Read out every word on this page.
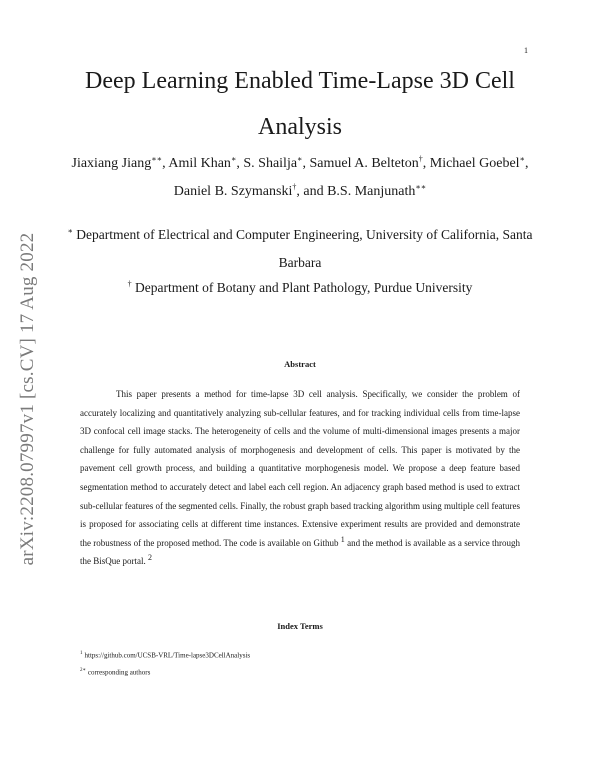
1
arXiv:2208.07997v1 [cs.CV] 17 Aug 2022
Deep Learning Enabled Time-Lapse 3D Cell Analysis

Jiaxiang Jiang∗∗, Amil Khan∗, S. Shailja∗, Samuel A. Belteton†, Michael Goebel∗, Daniel B. Szymanski†, and B.S. Manjunath∗∗

∗ Department of Electrical and Computer Engineering, University of California, Santa Barbara

† Department of Botany and Plant Pathology, Purdue University

Abstract

This paper presents a method for time-lapse 3D cell analysis. Specifically, we consider the problem of accurately localizing and quantitatively analyzing sub-cellular features, and for tracking individual cells from time-lapse 3D confocal cell image stacks. The heterogeneity of cells and the volume of multi-dimensional images presents a major challenge for fully automated analysis of morphogenesis and development of cells. This paper is motivated by the pavement cell growth process, and building a quantitative morphogenesis model. We propose a deep feature based segmentation method to accurately detect and label each cell region. An adjacency graph based method is used to extract sub-cellular features of the segmented cells. Finally, the robust graph based tracking algorithm using multiple cell features is proposed for associating cells at different time instances. Extensive experiment results are provided and demonstrate the robustness of the proposed method. The code is available on Github $^1$ and the method is available as a service through the BisQue portal. $^2$

Index Terms

$^1$ https://github.com/UCSB-VRL/Time-lapse3DCellAnalysis

$^{2∗}$ corresponding authors
